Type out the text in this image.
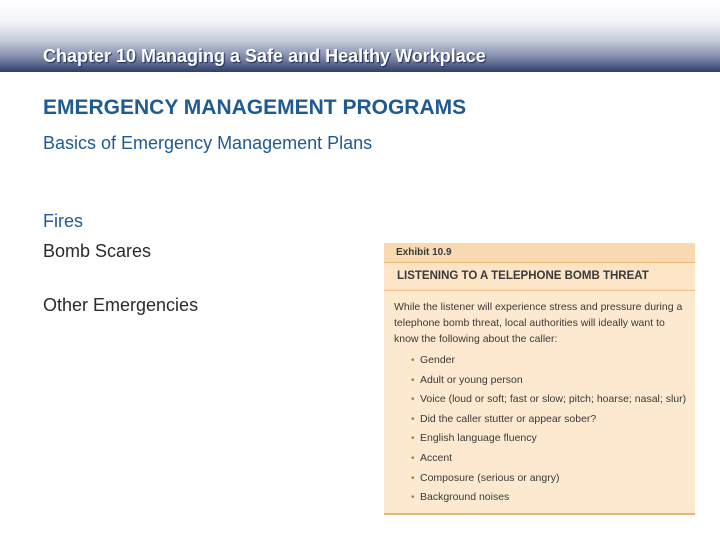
Chapter 10 Managing a Safe and Healthy Workplace
EMERGENCY MANAGEMENT PROGRAMS
Basics of Emergency Management Plans
Fires
Bomb Scares
Other Emergencies
Exhibit 10.9
LISTENING TO A TELEPHONE BOMB THREAT

While the listener will experience stress and pressure during a telephone bomb threat, local authorities will ideally want to know the following about the caller:

• Gender
• Adult or young person
• Voice (loud or soft; fast or slow; pitch; hoarse; nasal; slur)
• Did the caller stutter or appear sober?
• English language fluency
• Accent
• Composure (serious or angry)
• Background noises
